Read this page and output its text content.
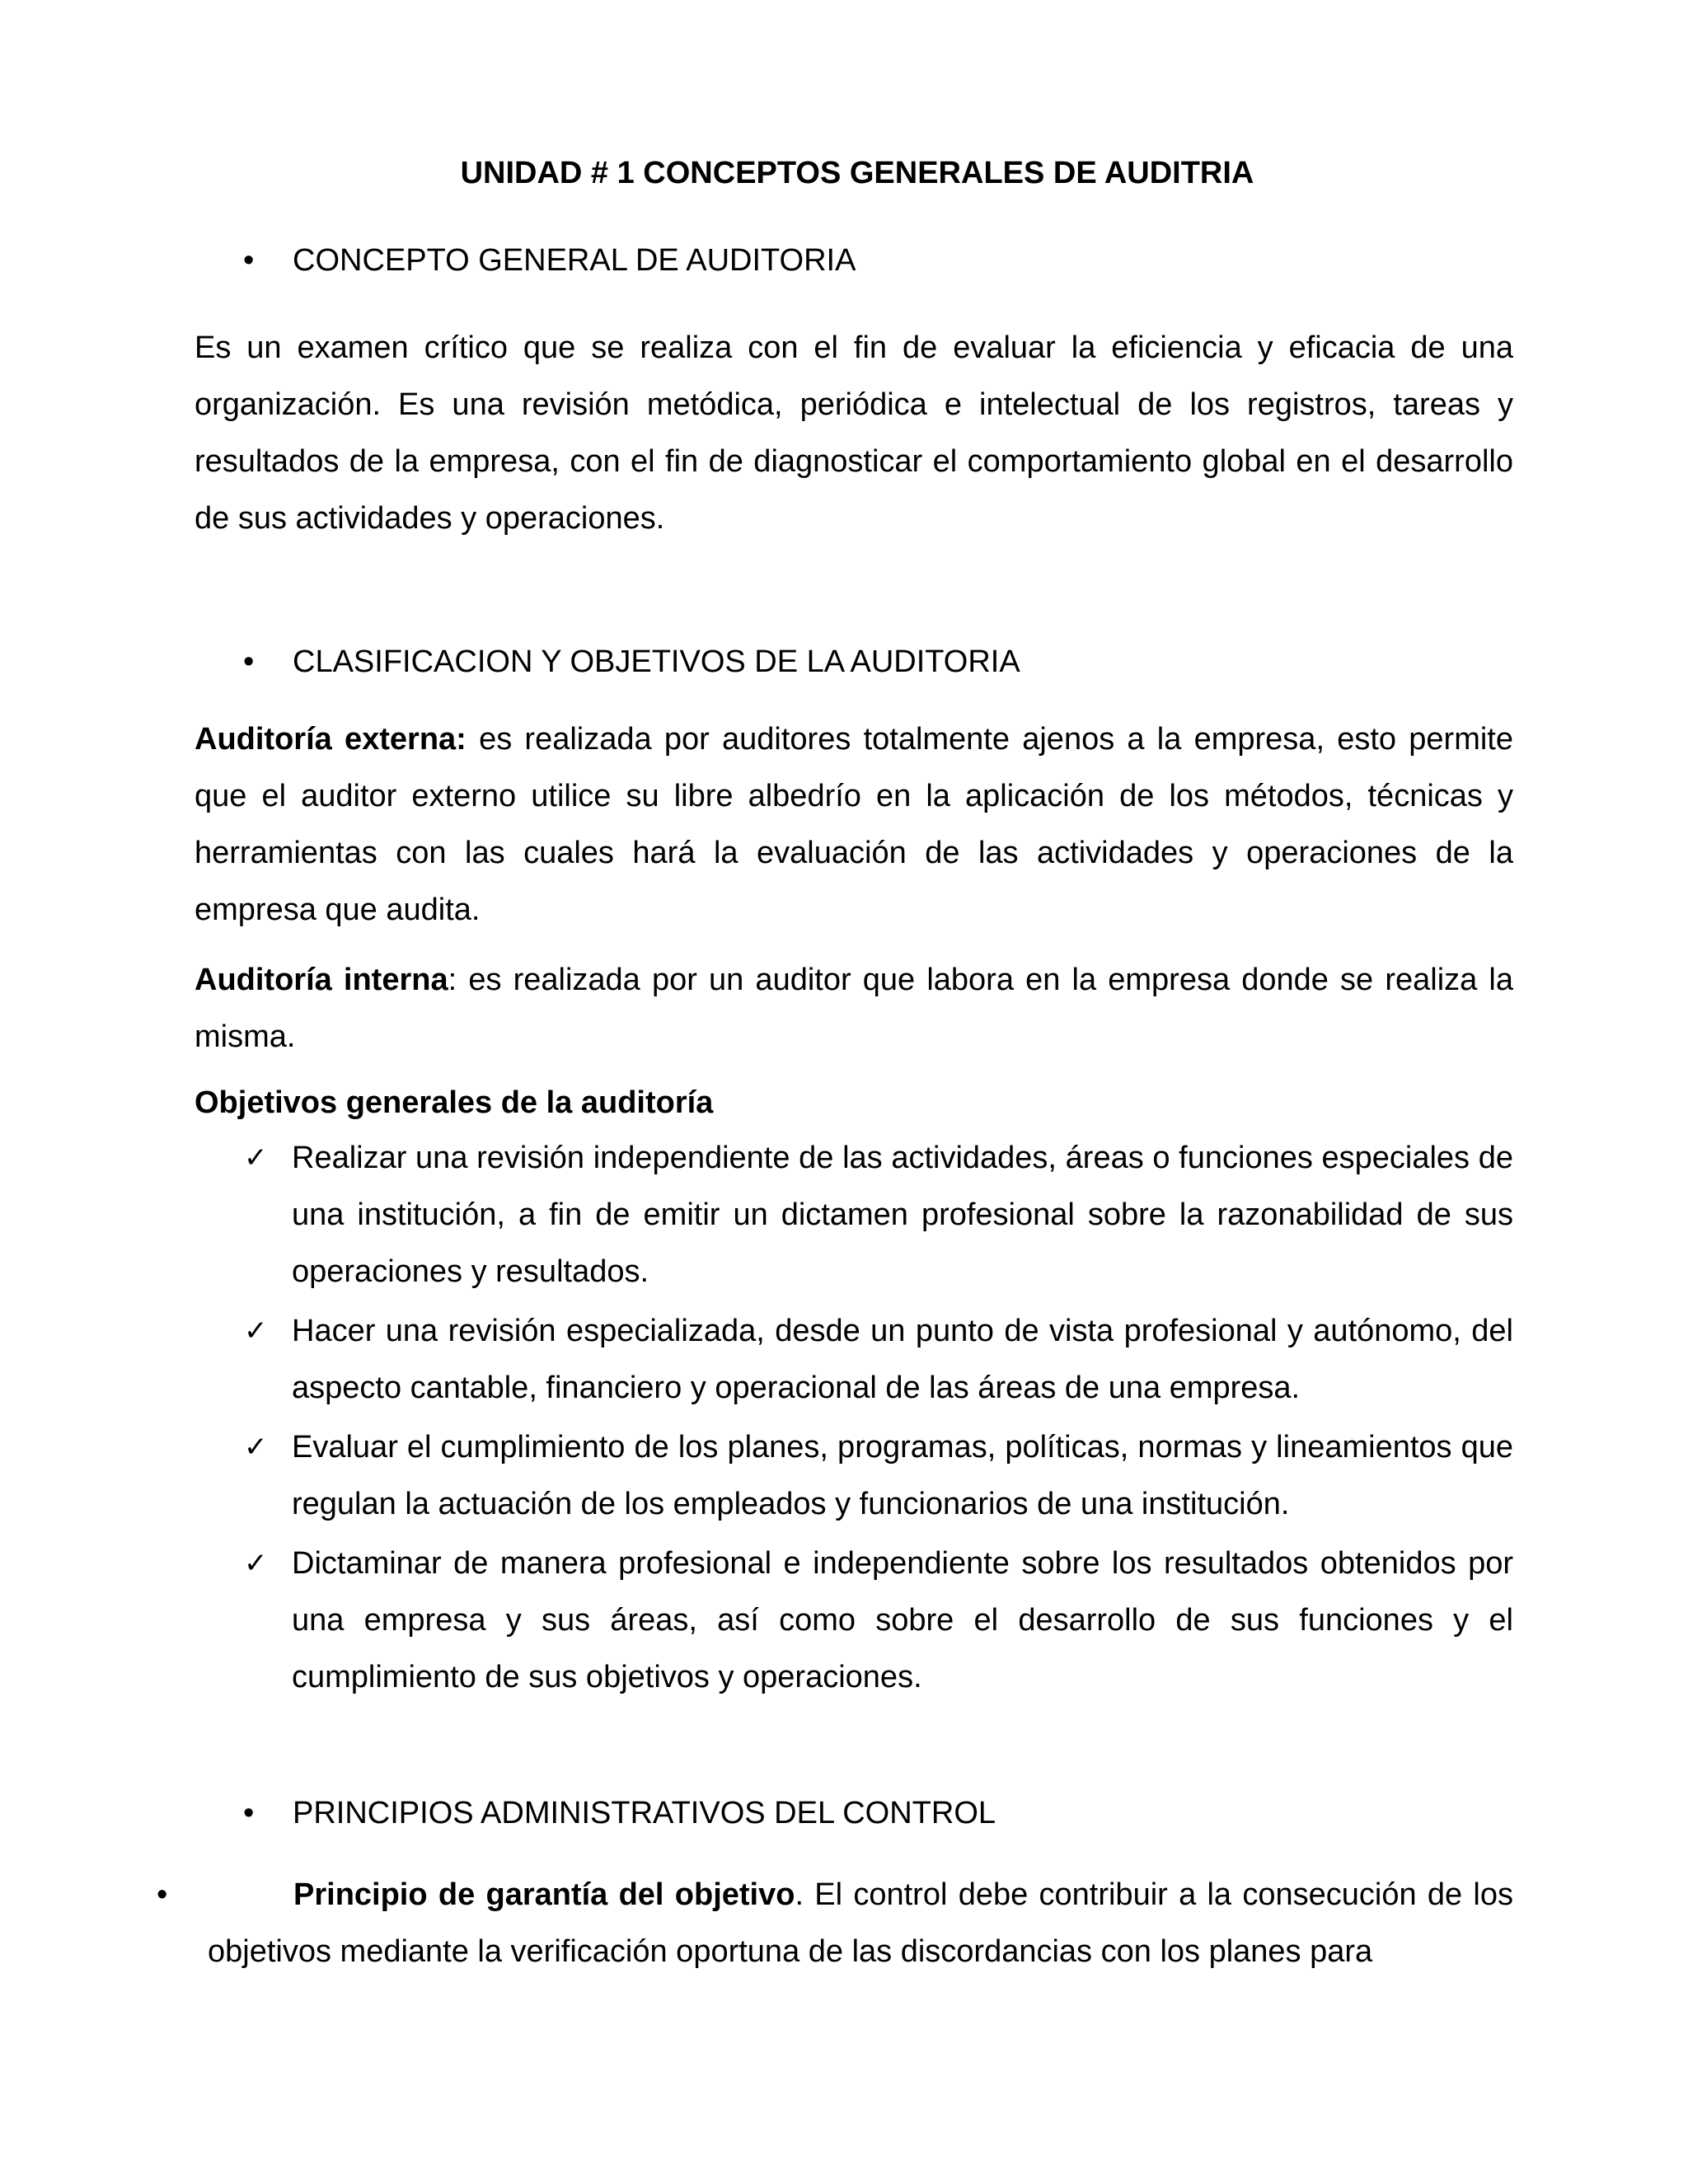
UNIDAD # 1 CONCEPTOS GENERALES DE AUDITRIA
• CONCEPTO GENERAL DE AUDITORIA

Es un examen crítico que se realiza con el fin de evaluar la eficiencia y eficacia de una organización. Es una revisión metódica, periódica e intelectual de los registros, tareas y resultados de la empresa, con el fin de diagnosticar el comportamiento global en el desarrollo de sus actividades y operaciones.

• CLASIFICACION Y OBJETIVOS DE LA AUDITORIA

Auditoría externa: es realizada por auditores totalmente ajenos a la empresa, esto permite que el auditor externo utilice su libre albedrío en la aplicación de los métodos, técnicas y herramientas con las cuales hará la evaluación de las actividades y operaciones de la empresa que audita.

Auditoría interna: es realizada por un auditor que labora en la empresa donde se realiza la misma.

Objetivos generales de la auditoría

✓ Realizar una revisión independiente de las actividades, áreas o funciones especiales de una institución, a fin de emitir un dictamen profesional sobre la razonabilidad de sus operaciones y resultados.
✓ Hacer una revisión especializada, desde un punto de vista profesional y autónomo, del aspecto cantable, financiero y operacional de las áreas de una empresa.
✓ Evaluar el cumplimiento de los planes, programas, políticas, normas y lineamientos que regulan la actuación de los empleados y funcionarios de una institución.
✓ Dictaminar de manera profesional e independiente sobre los resultados obtenidos por una empresa y sus áreas, así como sobre el desarrollo de sus funciones y el cumplimiento de sus objetivos y operaciones.
• PRINCIPIOS ADMINISTRATIVOS DEL CONTROL
•	Principio de garantía del objetivo. El control debe contribuir a la consecución de los objetivos mediante la verificación oportuna de las discordancias con los planes para
